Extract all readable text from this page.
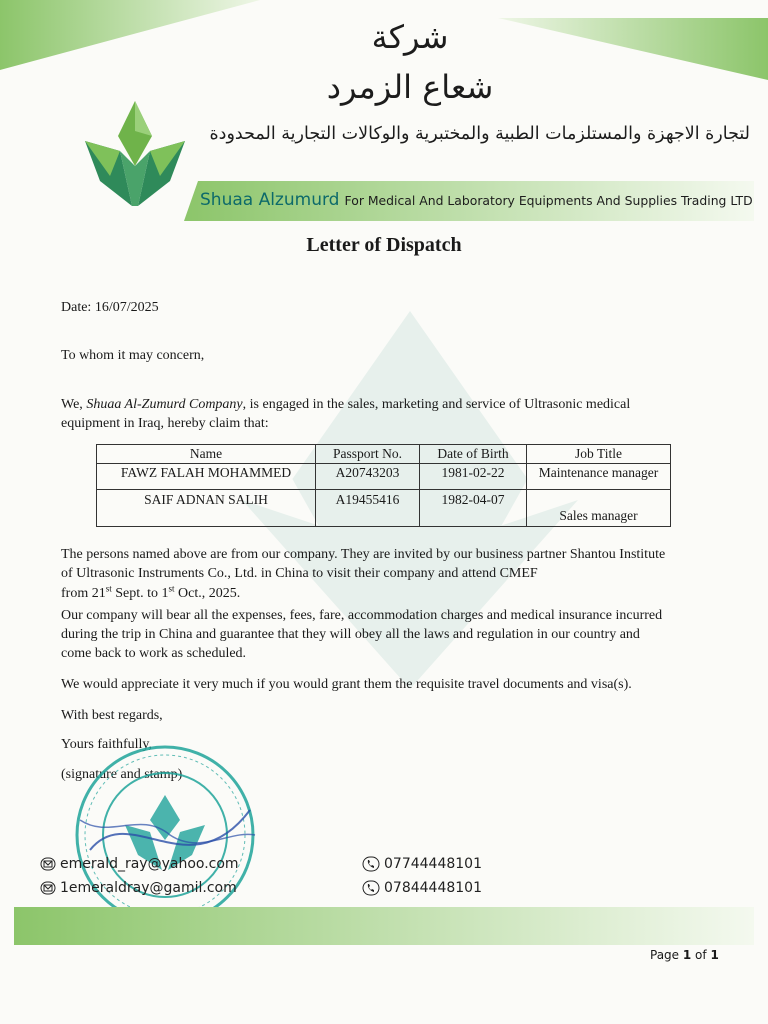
شركة
شعاع الزمرد
لتجارة الاجهزة والمستلزمات الطبية والمختبرية والوكالات التجارية المحدودة
Shuaa Alzumurd For Medical And Laboratory Equipments And Supplies Trading LTD
Letter of Dispatch
Date: 16/07/2025
To whom it may concern,
We, Shuaa Al-Zumurd Company, is engaged in the sales, marketing and service of Ultrasonic medical
equipment in Iraq, hereby claim that:
Name	Passport No.	Date of Birth	Job Title
FAWZ FALAH MOHAMMED	A20743203	1981-02-22	Maintenance manager
SAIF ADNAN SALIH	A19455416	1982-04-07	Sales manager
The persons named above are from our company. They are invited by our business partner Shantou Institute
of Ultrasonic Instruments Co., Ltd. in China to visit their company and attend CMEF
from 21st Sept. to 1st Oct., 2025.
Our company will bear all the expenses, fees, fare, accommodation charges and medical insurance incurred
during the trip in China and guarantee that they will obey all the laws and regulation in our country and
come back to work as scheduled.
We would appreciate it very much if you would grant them the requisite travel documents and visa(s).
With best regards,
Yours faithfully,
(signature and stamp)
emerald_ray@yahoo.com
1emeraldray@gamil.com
07744448101
07844448101
Page 1 of 1
